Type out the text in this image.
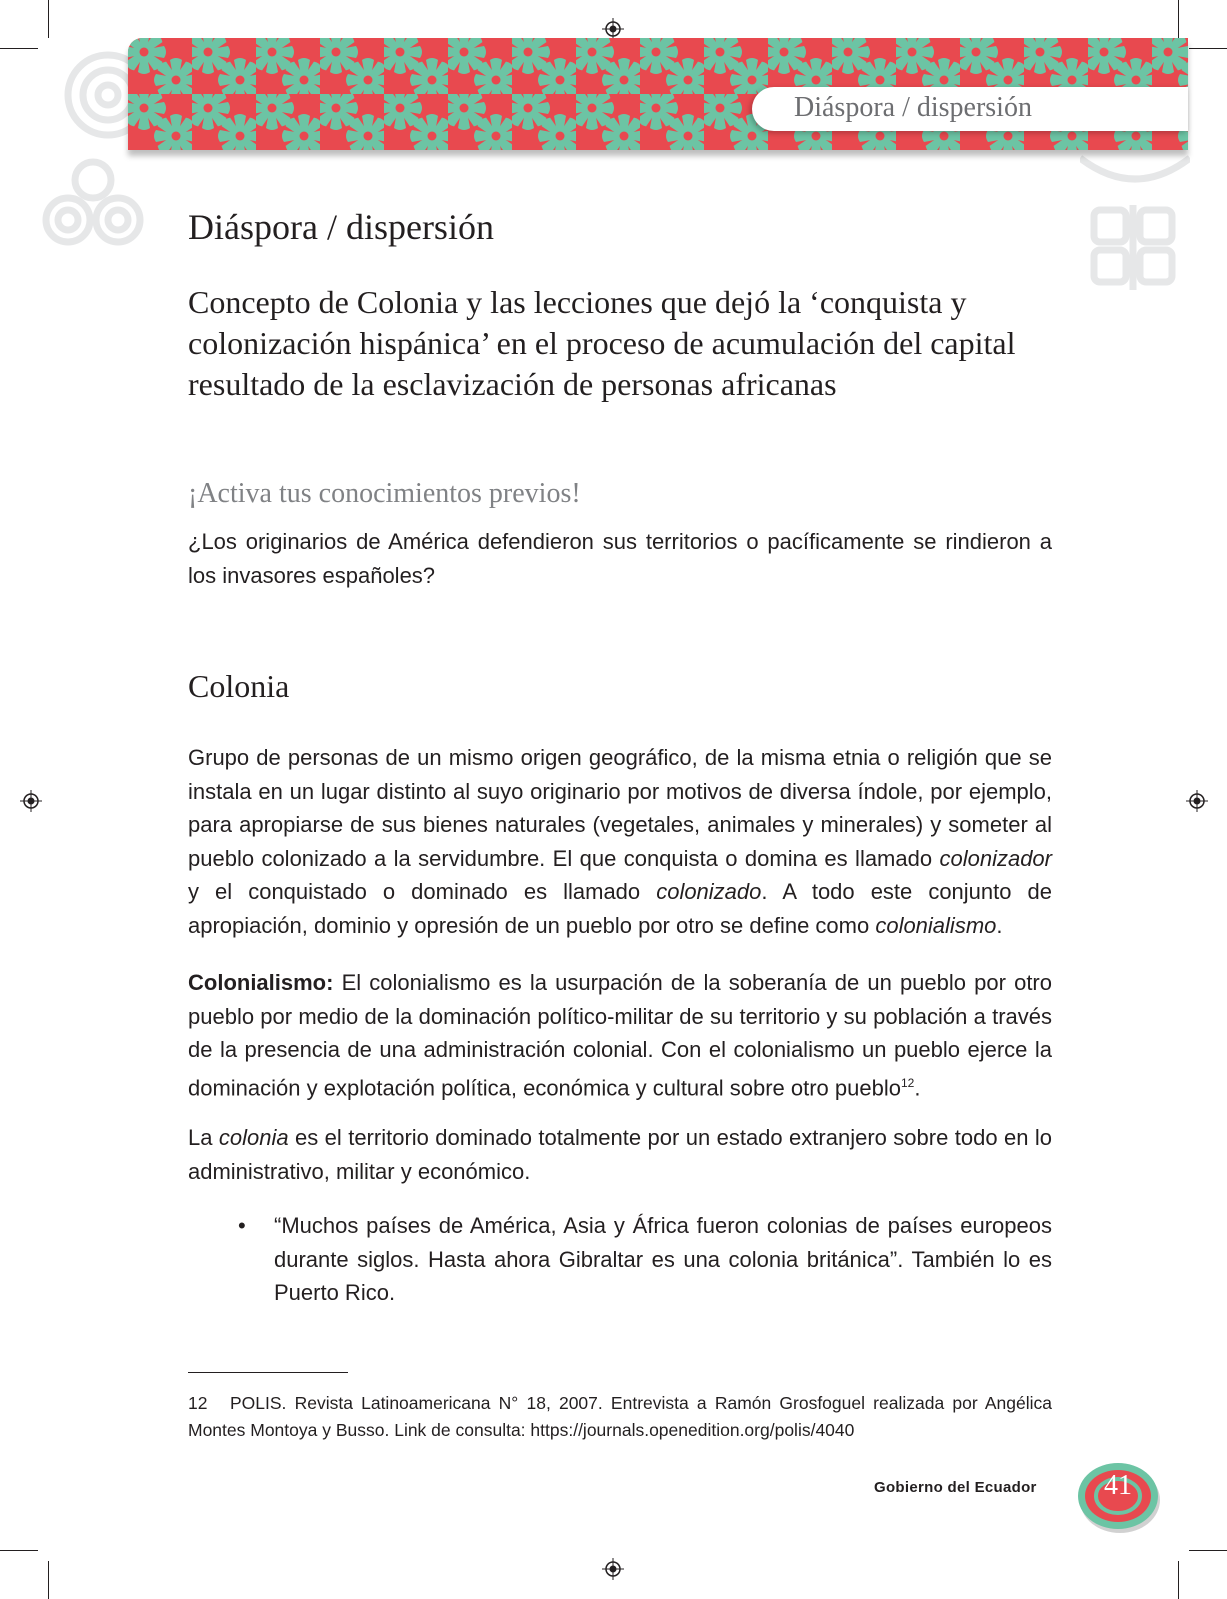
Diáspora / dispersión
Diáspora / dispersión
Concepto de Colonia y las lecciones que dejó la ‘conquista y colonización hispánica’ en el proceso de acumulación del capital resultado de la esclavización de personas africanas
¡Activa tus conocimientos previos!

¿Los originarios de América defendieron sus territorios o pacíficamente se rindieron a los invasores españoles?

Colonia

Grupo de personas de un mismo origen geográfico, de la misma etnia o religión que se instala en un lugar distinto al suyo originario por motivos de diversa índole, por ejemplo, para apropiarse de sus bienes naturales (vegetales, animales y minerales) y someter al pueblo colonizado a la servidumbre. El que conquista o domina es llamado colonizador y el conquistado o dominado es llamado colonizado. A todo este conjunto de apropiación, dominio y opresión de un pueblo por otro se define como colonialismo.

Colonialismo: El colonialismo es la usurpación de la soberanía de un pueblo por otro pueblo por medio de la dominación político-militar de su territorio y su población a través de la presencia de una administración colonial. Con el colonialismo un pueblo ejerce la dominación y explotación política, económica y cultural sobre otro pueblo$^{12}$.

La colonia es el territorio dominado totalmente por un estado extranjero sobre todo en lo administrativo, militar y económico.

• “Muchos países de América, Asia y África fueron colonias de países europeos durante siglos. Hasta ahora Gibraltar es una colonia británica”. También lo es Puerto Rico.

12 POLIS. Revista Latinoamericana N° 18, 2007. Entrevista a Ramón Grosfoguel realizada por Angélica Montes Montoya y Busso. Link de consulta: https://journals.openedition.org/polis/4040

Gobierno del Ecuador	41
